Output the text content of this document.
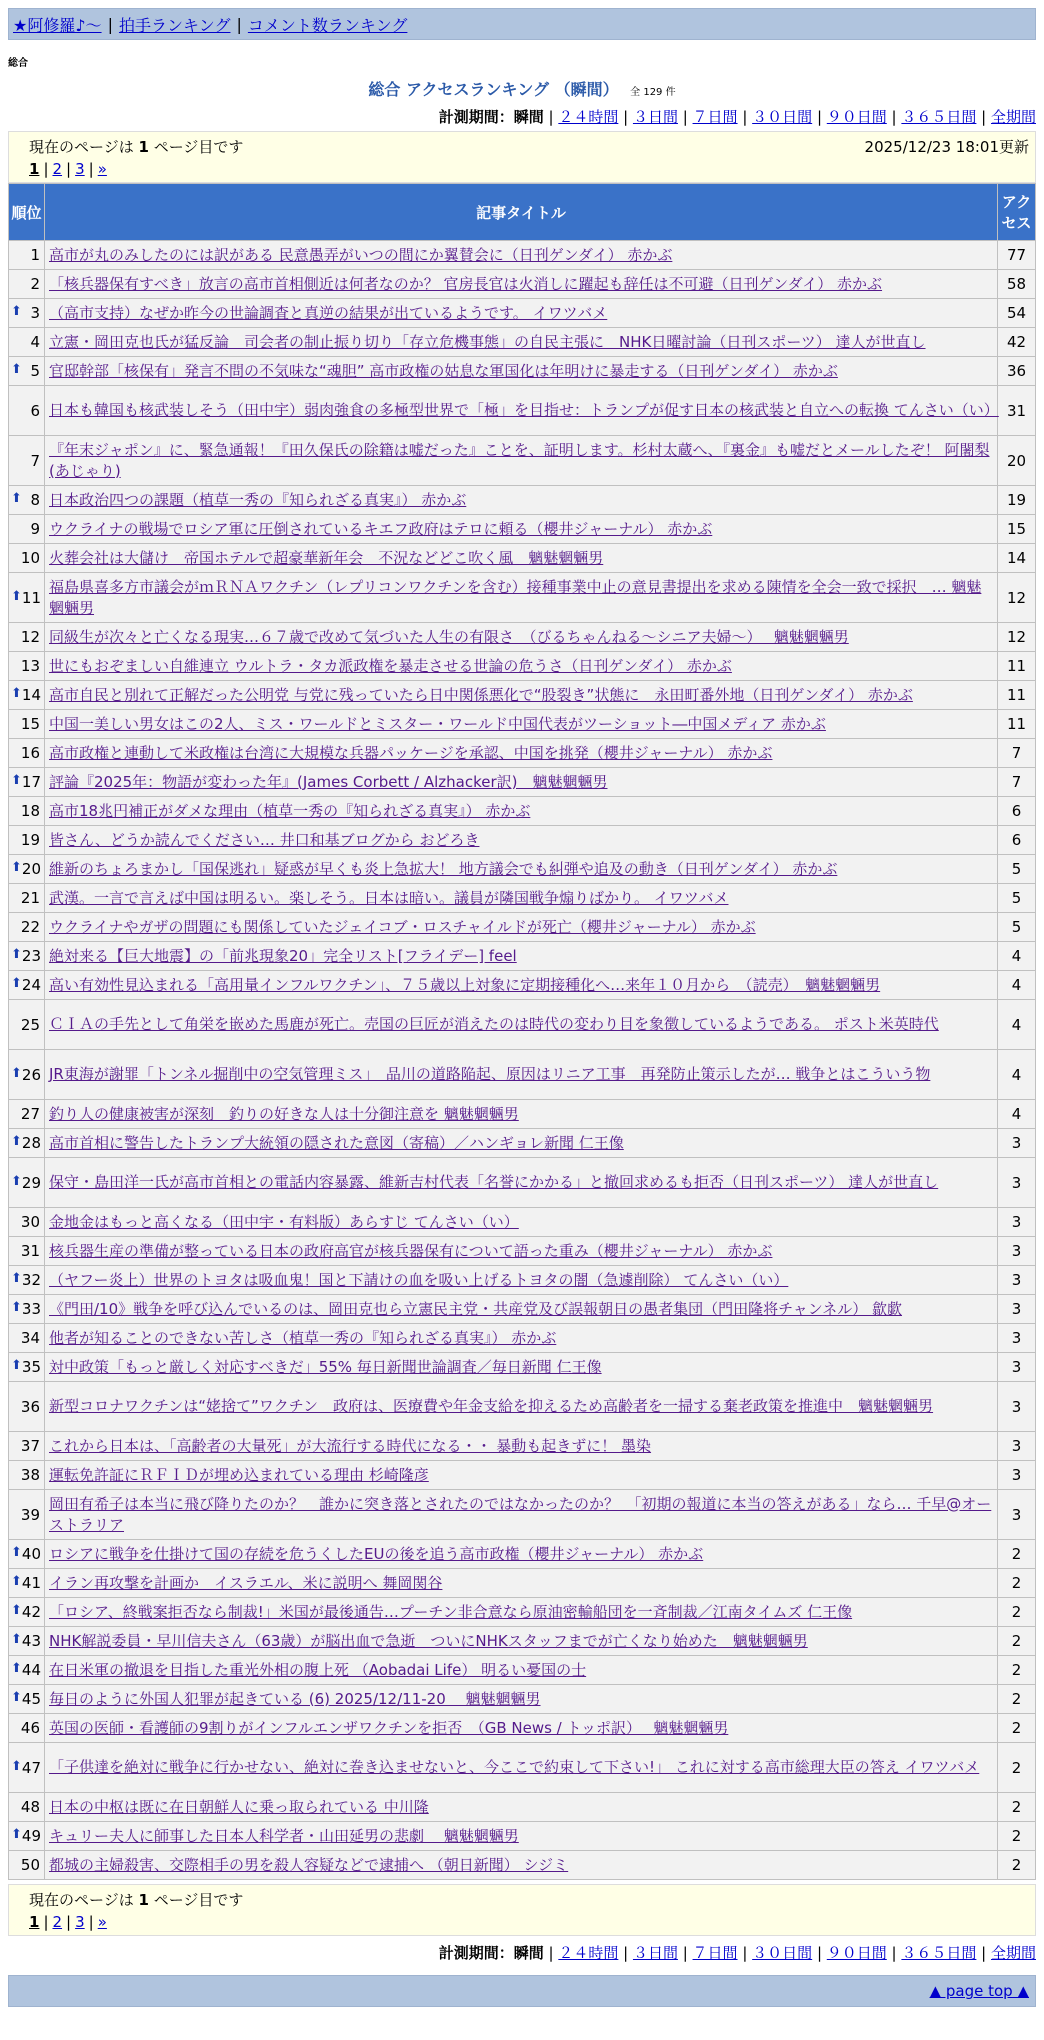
★阿修羅♪～ | 拍手ランキング | コメント数ランキング
総合
総合 アクセスランキング （瞬間） 全 129 件
計測期間：瞬間 | ２４時間 | ３日間 | ７日間 | ３０日間 | ９０日間 | ３６５日間 | 全期間
現在のページは 1 ページ目です	2025/12/23 18:01更新
1 | 2 | 3 | »
順位	記事タイトル	アクセス
1	高市が丸のみしたのには訳がある 民意愚弄がいつの間にか翼賛会に（日刊ゲンダイ） 赤かぶ	77
2	「核兵器保有すべき」放言の高市首相側近は何者なのか？ 官房長官は火消しに躍起も辞任は不可避（日刊ゲンダイ） 赤かぶ	58

⬆ 3	（高市支持）なぜか昨今の世論調査と真逆の結果が出ているようです。 イワツバメ	54
4	立憲・岡田克也氏が猛反論　司会者の制止振り切り「存立危機事態」の自民主張に　NHK日曜討論（日刊スポーツ） 達人が世直し	42

⬆ 5	官邸幹部「核保有」発言不問の不気味な“魂胆” 高市政権の姑息な軍国化は年明けに暴走する（日刊ゲンダイ） 赤かぶ	36
6	日本も韓国も核武装しそう（田中宇）弱肉強食の多極型世界で「極」を目指せ：トランプが促す日本の核武装と自立への転換 てんさい（い）	31
7	『年末ジャポン』に、緊急通報！『田久保氏の除籍は嘘だった』ことを、証明します。杉村太蔵へ、『裏金』も嘘だとメールしたぞ！ 阿闍梨(あじゃり)	20

⬆ 8	日本政治四つの課題（植草一秀の『知られざる真実』） 赤かぶ	19
9	ウクライナの戦場でロシア軍に圧倒されているキエフ政府はテロに頼る（櫻井ジャーナル） 赤かぶ	15
10	火葬会社は大儲け　帝国ホテルで超豪華新年会　不況などどこ吹く風　魑魅魍魎男	14

⬆ 11	福島県喜多方市議会がｍＲＮＡワクチン（レプリコンワクチンを含む）接種事業中止の意見書提出を求める陳情を全会一致で採択　… 魑魅魍魎男	12
12	同級生が次々と亡くなる現実…６７歳で改めて気づいた人生の有限さ　（びるちゃんねる～シニア夫婦～）　 魑魅魍魎男	12
13	世にもおぞましい自維連立 ウルトラ・タカ派政権を暴走させる世論の危うさ（日刊ゲンダイ） 赤かぶ	11

⬆ 14	高市自民と別れて正解だった公明党 与党に残っていたら日中関係悪化で“股裂き”状態に　永田町番外地（日刊ゲンダイ） 赤かぶ	11
15	中国一美しい男女はこの2人、ミス・ワールドとミスター・ワールド中国代表がツーショット―中国メディア 赤かぶ	11
16	高市政権と連動して米政権は台湾に大規模な兵器パッケージを承認、中国を挑発（櫻井ジャーナル） 赤かぶ	7

⬆ 17	評論『2025年：物語が変わった年』(James Corbett / Alzhacker訳)　魑魅魍魎男	7
18	高市18兆円補正がダメな理由（植草一秀の『知られざる真実』） 赤かぶ	6
19	皆さん、どうか読んでください… 井口和基ブログから おどろき	6

⬆ 20	維新のちょろまかし「国保逃れ」疑惑が早くも炎上急拡大！ 地方議会でも糾弾や追及の動き（日刊ゲンダイ） 赤かぶ	5
21	武漢。一言で言えば中国は明るい。楽しそう。日本は暗い。議員が隣国戦争煽りばかり。 イワツバメ	5
22	ウクライナやガザの問題にも関係していたジェイコブ・ロスチャイルドが死亡（櫻井ジャーナル） 赤かぶ	5

⬆ 23	絶対来る【巨大地震】の「前兆現象20」完全リスト[フライデー] feel	4

⬆ 24	高い有効性見込まれる「高用量インフルワクチン」、７５歳以上対象に定期接種化へ…来年１０月から　（読売）　魑魅魍魎男	4
25	ＣＩＡの手先として角栄を嵌めた馬鹿が死亡。売国の巨匠が消えたのは時代の変わり目を象徴しているようである。 ポスト米英時代	4

⬆ 26	JR東海が謝罪「トンネル掘削中の空気管理ミス」　品川の道路陥起、原因はリニア工事　再発防止策示したが… 戦争とはこういう物	4
27	釣り人の健康被害が深刻　釣りの好きな人は十分御注意を 魑魅魍魎男	4

⬆ 28	高市首相に警告したトランプ大統領の隠された意図（寄稿）／ハンギョレ新聞 仁王像	3

⬆ 29	保守・島田洋一氏が高市首相との電話内容暴露、維新吉村代表「名誉にかかる」と撤回求めるも拒否（日刊スポーツ） 達人が世直し	3
30	金地金はもっと高くなる（田中宇・有料版）あらすじ てんさい（い）	3
31	核兵器生産の準備が整っている日本の政府高官が核兵器保有について語った重み（櫻井ジャーナル） 赤かぶ	3

⬆ 32	（ヤフー炎上）世界のトヨタは吸血鬼！国と下請けの血を吸い上げるトヨタの闇（急遽削除） てんさい（い）	3

⬆ 33	《門田/10》戦争を呼び込んでいるのは、岡田克也ら立憲民主党・共産党及び誤報朝日の愚者集団（門田隆将チャンネル） 歙歔	3
34	他者が知ることのできない苦しさ（植草一秀の『知られざる真実』） 赤かぶ	3

⬆ 35	対中政策「もっと厳しく対応すべきだ」55% 毎日新聞世論調査／毎日新聞 仁王像	3
36	新型コロナワクチンは“姥捨て”ワクチン　政府は、医療費や年金支給を抑えるため高齢者を一掃する棄老政策を推進中　魑魅魍魎男	3
37	これから日本は、「高齢者の大量死」が大流行する時代になる・・ 暴動も起きずに！ 墨染	3
38	運転免許証にＲＦＩＤが埋め込まれている理由 杉崎隆彦	3
39	岡田有希子は本当に飛び降りたのか？　誰かに突き落とされたのではなかったのか？　「初期の報道に本当の答えがある」なら… 千早@オーストラリア	3

⬆ 40	ロシアに戦争を仕掛けて国の存続を危うくしたEUの後を追う高市政権（櫻井ジャーナル） 赤かぶ	2

⬆ 41	イラン再攻撃を計画か　イスラエル、米に説明へ 舞岡関谷	2

⬆ 42	「ロシア、終戦案拒否なら制裁!」米国が最後通告…プーチン非合意なら原油密輸船団を一斉制裁／江南タイムズ 仁王像	2

⬆ 43	NHK解説委員・早川信夫さん（63歳）が脳出血で急逝　ついにNHKスタッフまでが亡くなり始めた　魑魅魍魎男	2

⬆ 44	在日米軍の撤退を目指した重光外相の腹上死 （Aobadai Life） 明るい憂国の士	2

⬆ 45	毎日のように外国人犯罪が起きている (6) 2025/12/11-20　 魑魅魍魎男	2
46	英国の医師・看護師の9割りがインフルエンザワクチンを拒否　（GB News / トッポ訳）　 魑魅魍魎男	2

⬆ 47	「子供達を絶対に戦争に行かせない、絶対に巻き込ませないと、今ここで約束して下さい!」 これに対する高市総理大臣の答え イワツバメ	2
48	日本の中枢は既に在日朝鮮人に乗っ取られている 中川隆	2

⬆ 49	キュリー夫人に師事した日本人科学者・山田延男の悲劇　 魑魅魍魎男	2
50	都城の主婦殺害、交際相手の男を殺人容疑などで逮捕へ （朝日新聞） シジミ	2
現在のページは 1 ページ目です
1 | 2 | 3 | »
計測期間：瞬間 | ２４時間 | ３日間 | ７日間 | ３０日間 | ９０日間 | ３６５日間 | 全期間
▲ page top ▲
